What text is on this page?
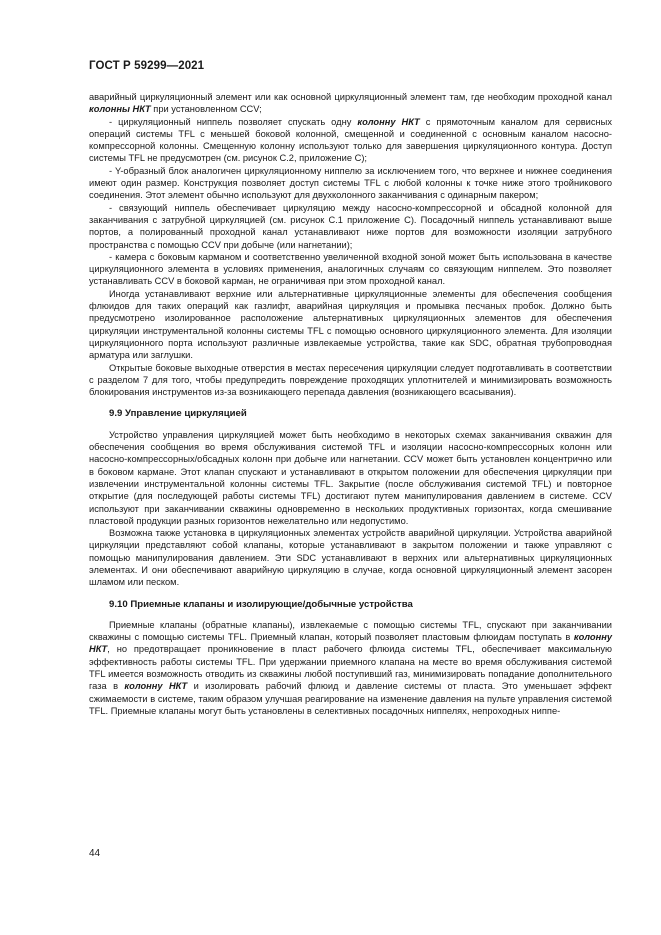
ГОСТ Р 59299—2021

аварийный циркуляционный элемент или как основной циркуляционный элемент там, где необходим проходной канал колонны НКТ при установленном CCV;

- циркуляционный ниппель позволяет спускать одну колонну НКТ с прямоточным каналом для сервисных операций системы TFL с меньшей боковой колонной, смещенной и соединенной с основным каналом насосно-компрессорной колонны. Смещенную колонну используют только для завершения циркуляционного контура. Доступ системы TFL не предусмотрен (см. рисунок С.2, приложение С);

- Y-образный блок аналогичен циркуляционному ниппелю за исключением того, что верхнее и нижнее соединения имеют один размер. Конструкция позволяет доступ системы TFL с любой колонны к точке ниже этого тройникового соединения. Этот элемент обычно используют для двухколонного заканчивания с одинарным пакером;

- связующий ниппель обеспечивает циркуляцию между насосно-компрессорной и обсадной колонной для заканчивания с затрубной циркуляцией (см. рисунок С.1 приложение С). Посадочный ниппель устанавливают выше портов, а полированный проходной канал устанавливают ниже портов для возможности изоляции затрубного пространства с помощью CCV при добыче (или нагнетании);

- камера с боковым карманом и соответственно увеличенной входной зоной может быть использована в качестве циркуляционного элемента в условиях применения, аналогичных случаям со связующим ниппелем. Это позволяет устанавливать CCV в боковой карман, не ограничивая при этом проходной канал.

Иногда устанавливают верхние или альтернативные циркуляционные элементы для обеспечения сообщения флюидов для таких операций как газлифт, аварийная циркуляция и промывка песчаных пробок. Должно быть предусмотрено изолированное расположение альтернативных циркуляционных элементов для обеспечения циркуляции инструментальной колонны системы TFL с помощью основного циркуляционного элемента. Для изоляции циркуляционного порта используют различные извлекаемые устройства, такие как SDC, обратная трубопроводная арматура или заглушки.

Открытые боковые выходные отверстия в местах пересечения циркуляции следует подготавливать в соответствии с разделом 7 для того, чтобы предупредить повреждение проходящих уплотнителей и минимизировать возможность блокирования инструментов из-за возникающего перепада давления (возникающего всасывания).

9.9 Управление циркуляцией

Устройство управления циркуляцией может быть необходимо в некоторых схемах заканчивания скважин для обеспечения сообщения во время обслуживания системой TFL и изоляции насосно-компрессорных колонн или насосно-компрессорных/обсадных колонн при добыче или нагнетании. CCV может быть установлен концентрично или в боковом кармане. Этот клапан спускают и устанавливают в открытом положении для обеспечения циркуляции при извлечении инструментальной колонны системы TFL. Закрытие (после обслуживания системой TFL) и повторное открытие (для последующей работы системы TFL) достигают путем манипулирования давлением в системе. CCV используют при заканчивании скважины одновременно в нескольких продуктивных горизонтах, когда смешивание пластовой продукции разных горизонтов нежелательно или недопустимо.

Возможна также установка в циркуляционных элементах устройств аварийной циркуляции. Устройства аварийной циркуляции представляют собой клапаны, которые устанавливают в закрытом положении и также управляют с помощью манипулирования давлением. Эти SDC устанавливают в верхних или альтернативных циркуляционных элементах. И они обеспечивают аварийную циркуляцию в случае, когда основной циркуляционный элемент засорен шламом или песком.

9.10 Приемные клапаны и изолирующие/добычные устройства

Приемные клапаны (обратные клапаны), извлекаемые с помощью системы TFL, спускают при заканчивании скважины с помощью системы TFL. Приемный клапан, который позволяет пластовым флюидам поступать в колонну НКТ, но предотвращает проникновение в пласт рабочего флюида системы TFL, обеспечивает максимальную эффективность работы системы TFL. При удержании приемного клапана на месте во время обслуживания системой TFL имеется возможность отводить из скважины любой поступивший газ, минимизировать попадание дополнительного газа в колонну НКТ и изолировать рабочий флюид и давление системы от пласта. Это уменьшает эффект сжимаемости в системе, таким образом улучшая реагирование на изменение давления на пульте управления системой TFL. Приемные клапаны могут быть установлены в селективных посадочных ниппелях, непроходных ниппе-

44
